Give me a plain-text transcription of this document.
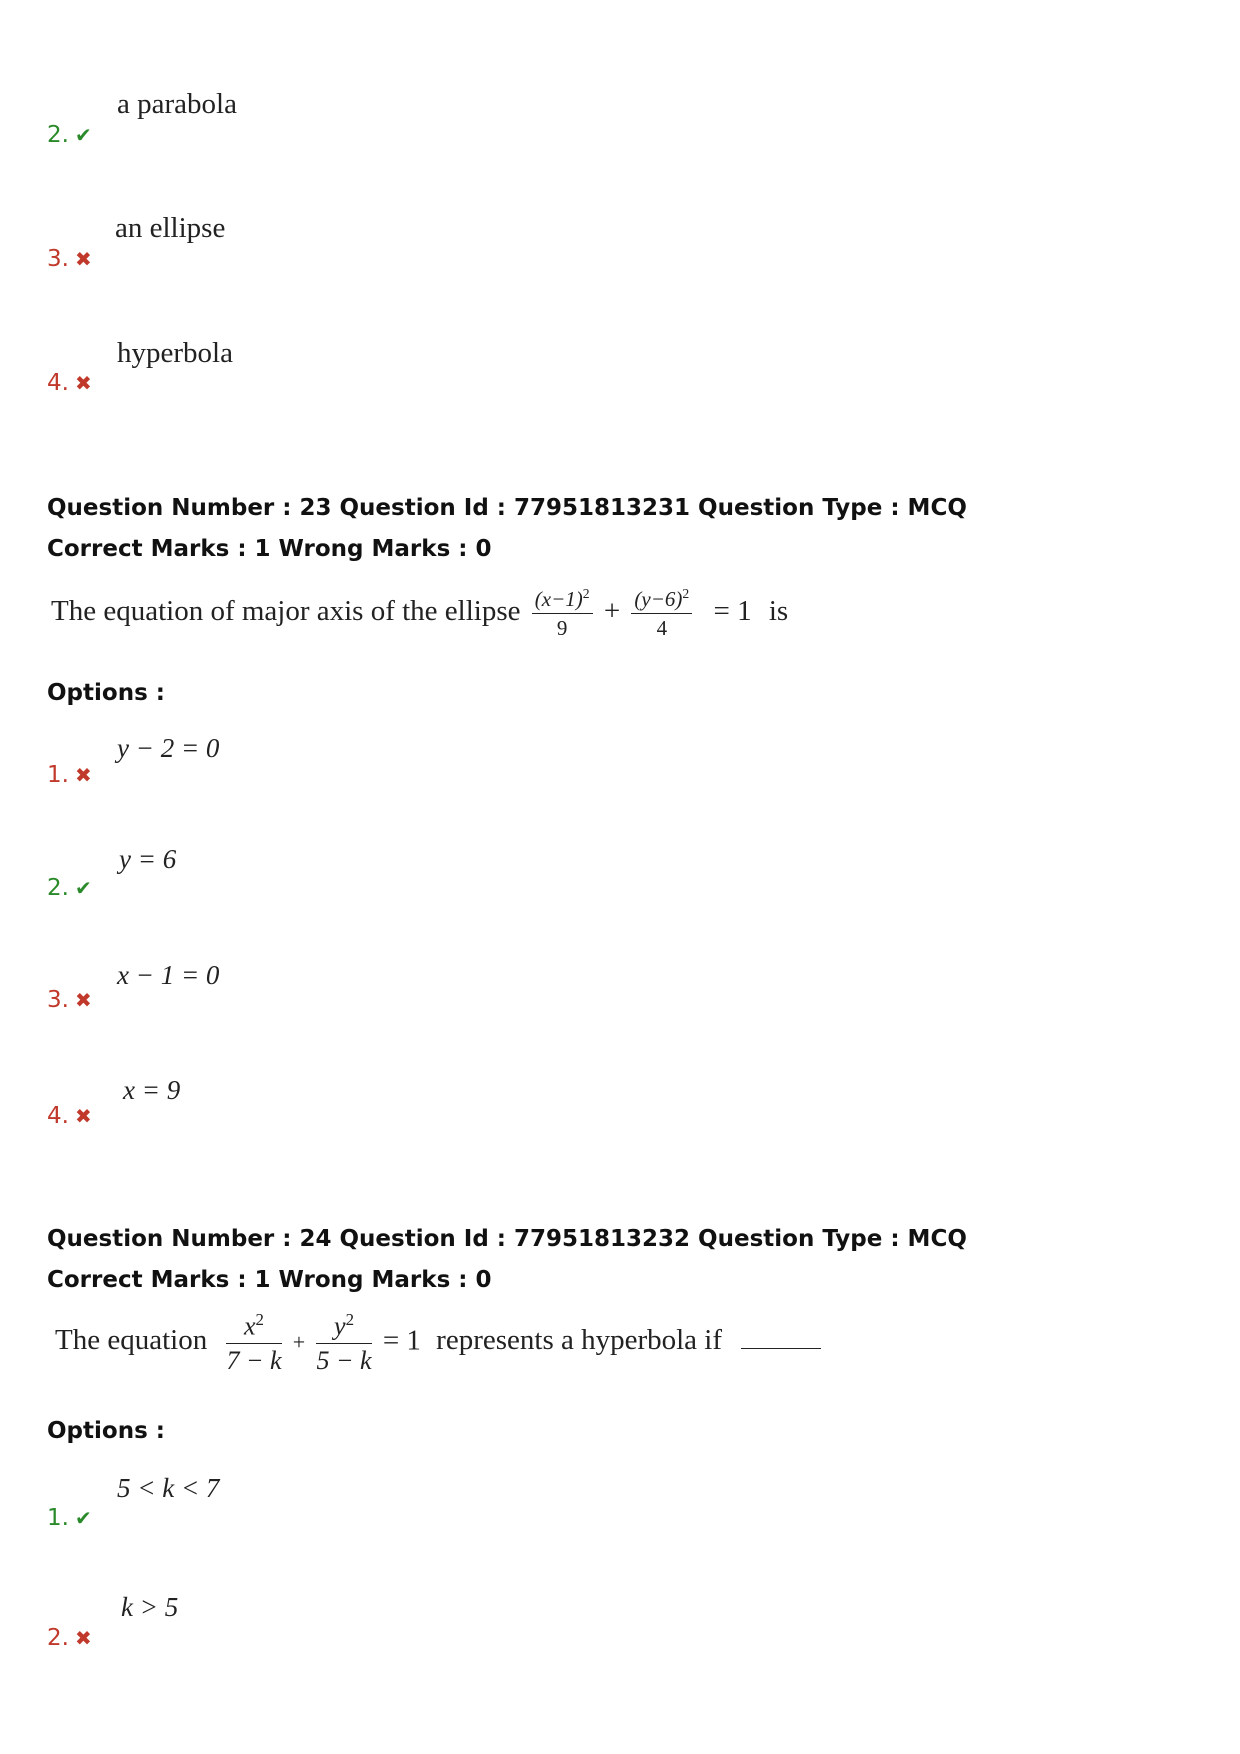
a parabola
2. ✔
an ellipse
3. ✖
hyperbola
4. ✖
Question Number : 23 Question Id : 77951813231 Question Type : MCQ
Correct Marks : 1 Wrong Marks : 0
The equation of major axis of the ellipse $\frac{(x-1)^2}{9} + \frac{(y-6)^2}{4} = 1$ is
Options :
y − 2 = 0
1. ✖
y = 6
2. ✔
x − 1 = 0
3. ✖
x = 9
4. ✖
Question Number : 24 Question Id : 77951813232 Question Type : MCQ
Correct Marks : 1 Wrong Marks : 0
The equation $\frac{x^2}{7 - k} + \frac{y^2}{5 - k} = 1$ represents a hyperbola if
Options :
5 < k < 7
1. ✔
k > 5
2. ✖
